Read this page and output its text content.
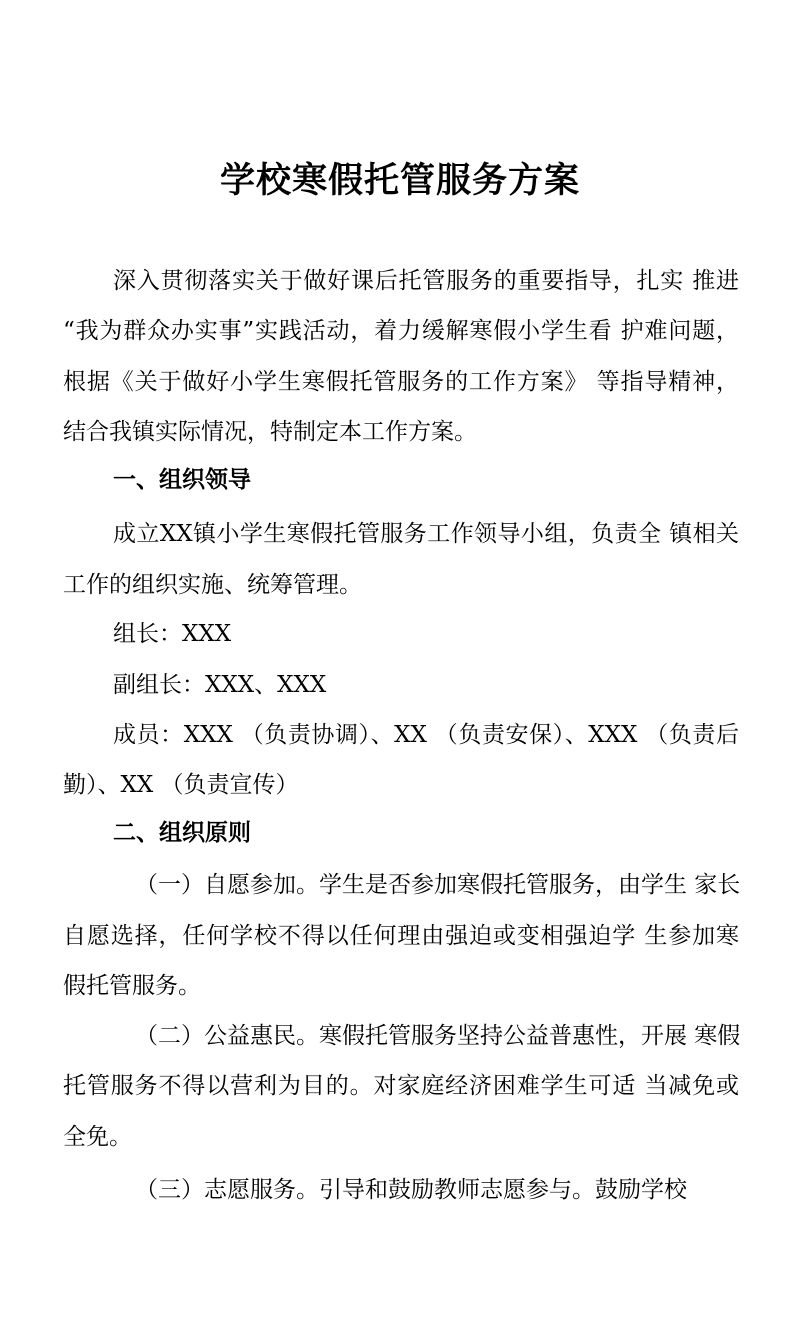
学校寒假托管服务方案
深入贯彻落实关于做好课后托管服务的重要指导，扎实 推进
“我为群众办实事”实践活动，着力缓解寒假小学生看 护难问题，
根据《关于做好小学生寒假托管服务的工作方案》 等指导精神，
结合我镇实际情况，特制定本工作方案。
一、组织领导
成立XX镇小学生寒假托管服务工作领导小组，负责全 镇相关
工作的组织实施、统筹管理。
组长：XXX
副组长：XXX、XXX
成员：XXX （负责协调）、XX （负责安保）、XXX （负责后
勤）、XX （负责宣传）
二、组织原则
（一）自愿参加。学生是否参加寒假托管服务，由学生 家长
自愿选择，任何学校不得以任何理由强迫或变相强迫学 生参加寒
假托管服务。
（二）公益惠民。寒假托管服务坚持公益普惠性，开展 寒假
托管服务不得以营利为目的。对家庭经济困难学生可适 当减免或
全免。
（三）志愿服务。引导和鼓励教师志愿参与。鼓励学校
